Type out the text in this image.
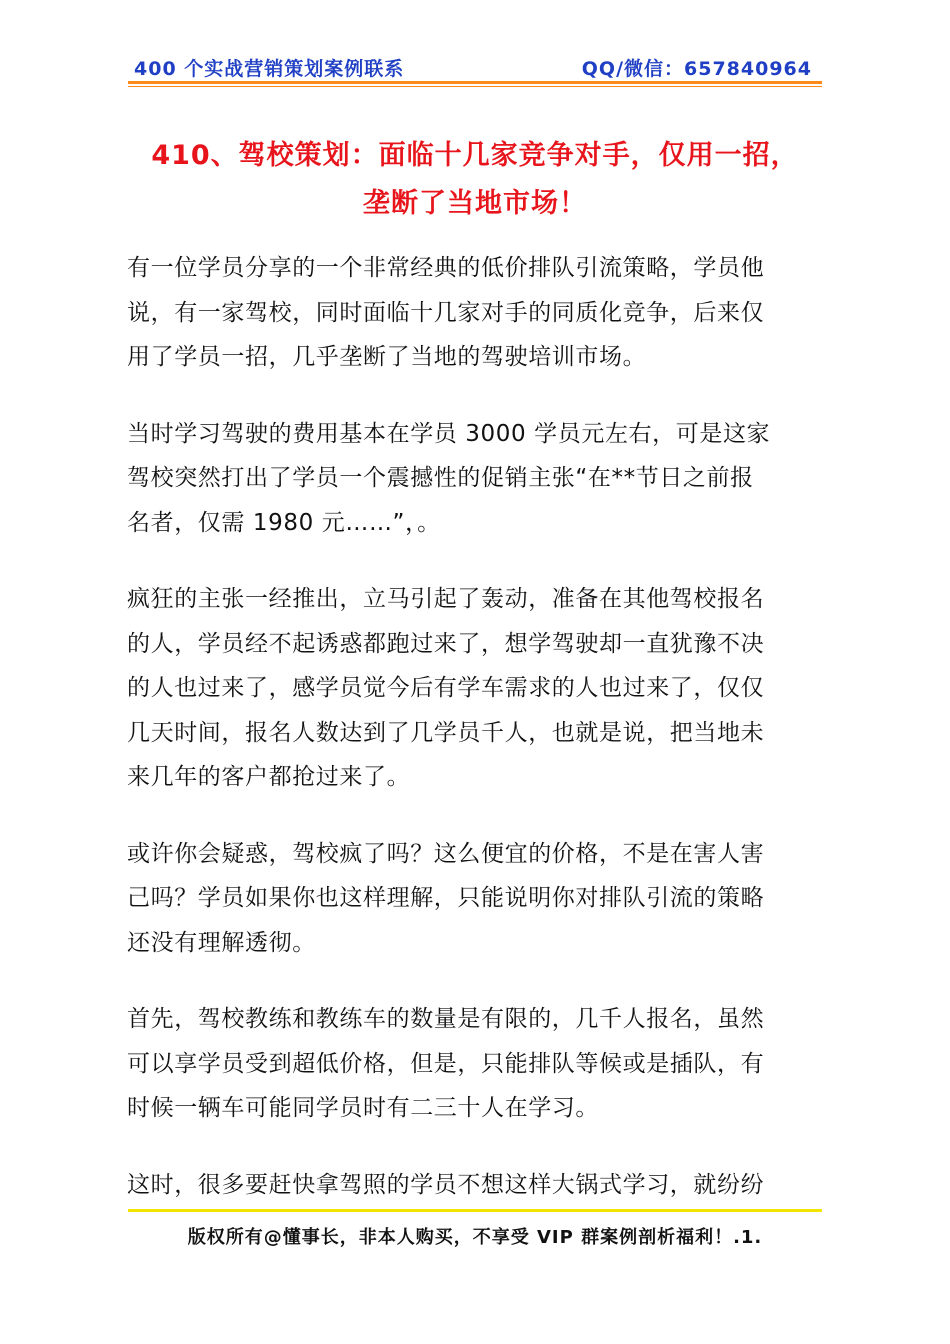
400 个实战营销策划案例联系	QQ/微信：657840964
410、驾校策划：面临十几家竞争对手，仅用一招，
垄断了当地市场！
有一位学员分享的一个非常经典的低价排队引流策略，学员他
说，有一家驾校，同时面临十几家对手的同质化竞争，后来仅
用了学员一招，几乎垄断了当地的驾驶培训市场。
当时学习驾驶的费用基本在学员 3000 学员元左右，可是这家
驾校突然打出了学员一个震撼性的促销主张“在**节日之前报
名者，仅需 1980 元……”，。
疯狂的主张一经推出，立马引起了轰动，准备在其他驾校报名
的人，学员经不起诱惑都跑过来了，想学驾驶却一直犹豫不决
的人也过来了，感学员觉今后有学车需求的人也过来了，仅仅
几天时间，报名人数达到了几学员千人，也就是说，把当地未
来几年的客户都抢过来了。
或许你会疑惑，驾校疯了吗？这么便宜的价格，不是在害人害
己吗？学员如果你也这样理解，只能说明你对排队引流的策略
还没有理解透彻。
首先，驾校教练和教练车的数量是有限的，几千人报名，虽然
可以享学员受到超低价格，但是，只能排队等候或是插队，有
时候一辆车可能同学员时有二三十人在学习。
这时，很多要赶快拿驾照的学员不想这样大锅式学习，就纷纷
版权所有@懂事长，非本人购买，不享受 VIP 群案例剖析福利！.1.
